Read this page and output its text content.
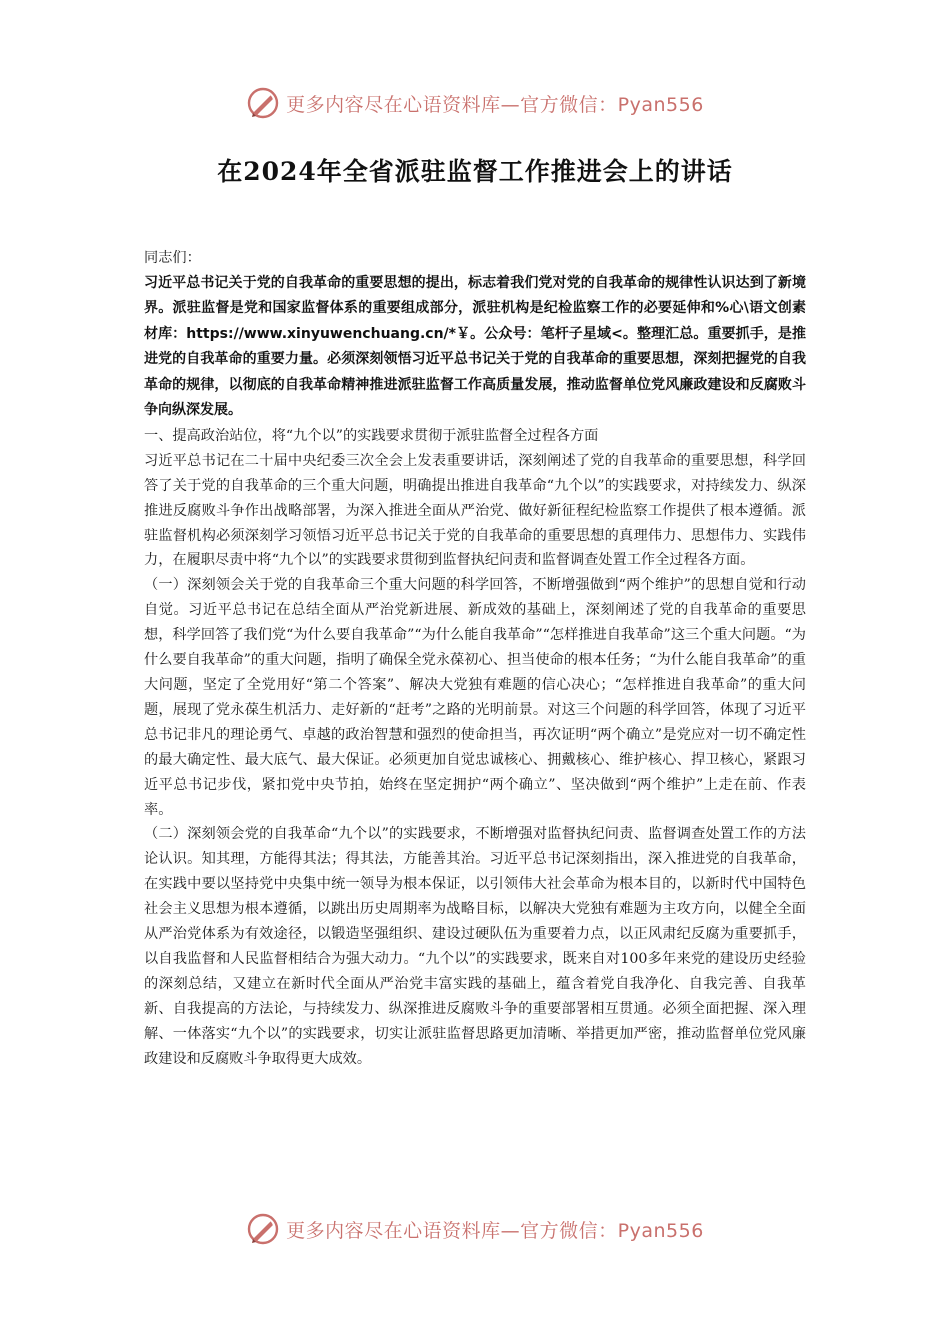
更多内容尽在心语资料库—官方微信：Pyan556
在2024年全省派驻监督工作推进会上的讲话

同志们：

习近平总书记关于党的自我革命的重要思想的提出，标志着我们党对党的自我革命的规律性认识达到了新境界。派驻监督是党和国家监督体系的重要组成部分，派驻机构是纪检监察工作的必要延伸和%心\语文创素材库：https://www.xinyuwenchuang.cn/*￥。公众号：笔杆子星域<。整理汇总。重要抓手，是推进党的自我革命的重要力量。必须深刻领悟习近平总书记关于党的自我革命的重要思想，深刻把握党的自我革命的规律，以彻底的自我革命精神推进派驻监督工作高质量发展，推动监督单位党风廉政建设和反腐败斗争向纵深发展。

一、提高政治站位，将“九个以”的实践要求贯彻于派驻监督全过程各方面

习近平总书记在二十届中央纪委三次全会上发表重要讲话，深刻阐述了党的自我革命的重要思想，科学回答了关于党的自我革命的三个重大问题，明确提出推进自我革命“九个以”的实践要求，对持续发力、纵深推进反腐败斗争作出战略部署，为深入推进全面从严治党、做好新征程纪检监察工作提供了根本遵循。派驻监督机构必须深刻学习领悟习近平总书记关于党的自我革命的重要思想的真理伟力、思想伟力、实践伟力，在履职尽责中将“九个以”的实践要求贯彻到监督执纪问责和监督调查处置工作全过程各方面。

（一）深刻领会关于党的自我革命三个重大问题的科学回答，不断增强做到“两个维护”的思想自觉和行动自觉。习近平总书记在总结全面从严治党新进展、新成效的基础上，深刻阐述了党的自我革命的重要思想，科学回答了我们党“为什么要自我革命”“为什么能自我革命”“怎样推进自我革命”这三个重大问题。“为什么要自我革命”的重大问题，指明了确保全党永葆初心、担当使命的根本任务；“为什么能自我革命”的重大问题，坚定了全党用好“第二个答案”、解决大党独有难题的信心决心；“怎样推进自我革命”的重大问题，展现了党永葆生机活力、走好新的“赶考”之路的光明前景。对这三个问题的科学回答，体现了习近平总书记非凡的理论勇气、卓越的政治智慧和强烈的使命担当，再次证明“两个确立”是党应对一切不确定性的最大确定性、最大底气、最大保证。必须更加自觉忠诚核心、拥戴核心、维护核心、捍卫核心，紧跟习近平总书记步伐，紧扣党中央节拍，始终在坚定拥护“两个确立”、坚决做到“两个维护”上走在前、作表率。

（二）深刻领会党的自我革命“九个以”的实践要求，不断增强对监督执纪问责、监督调查处置工作的方法论认识。知其理，方能得其法；得其法，方能善其治。习近平总书记深刻指出，深入推进党的自我革命，在实践中要以坚持党中央集中统一领导为根本保证，以引领伟大社会革命为根本目的，以新时代中国特色社会主义思想为根本遵循，以跳出历史周期率为战略目标，以解决大党独有难题为主攻方向，以健全全面从严治党体系为有效途径，以锻造坚强组织、建设过硬队伍为重要着力点，以正风肃纪反腐为重要抓手，以自我监督和人民监督相结合为强大动力。“九个以”的实践要求，既来自对100多年来党的建设历史经验的深刻总结，又建立在新时代全面从严治党丰富实践的基础上，蕴含着党自我净化、自我完善、自我革新、自我提高的方法论，与持续发力、纵深推进反腐败斗争的重要部署相互贯通。必须全面把握、深入理解、一体落实“九个以”的实践要求，切实让派驻监督思路更加清晰、举措更加严密，推动监督单位党风廉政建设和反腐败斗争取得更大成效。

更多内容尽在心语资料库—官方微信：Pyan556
